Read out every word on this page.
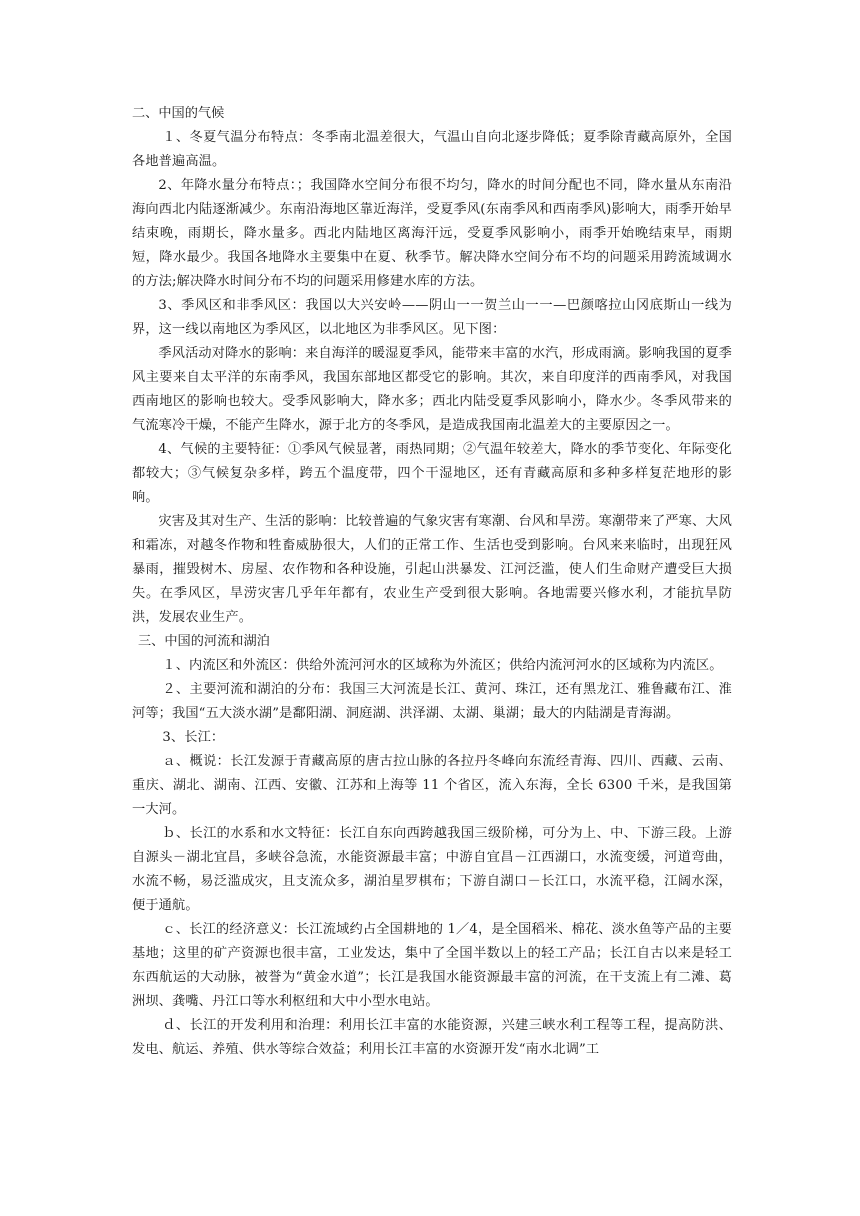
二、中国的气候

１、冬夏气温分布特点：冬季南北温差很大，气温山自向北逐步降低；夏季除青藏高原外，全国各地普遍高温。

2、年降水量分布特点：；我国降水空间分布很不均匀，降水的时间分配也不同，降水量从东南沿海向西北内陆逐渐减少。东南沿海地区靠近海洋，受夏季风(东南季风和西南季风)影响大，雨季开始早结束晚，雨期长，降水量多。西北内陆地区离海汗远，受夏季风影响小，雨季开始晚结束早，雨期短，降水最少。我国各地降水主要集中在夏、秋季节。解决降水空间分布不均的问题采用跨流域调水的方法;解决降水时间分布不均的问题采用修建水库的方法。

3、季风区和非季风区：我国以大兴安岭——阴山一一贺兰山一一—巴颜喀拉山冈底斯山一线为界，这一线以南地区为季风区，以北地区为非季风区。见下图：

季风活动对降水的影响：来自海洋的暖湿夏季风，能带来丰富的水汽，形成雨滴。影响我国的夏季风主要来自太平洋的东南季风，我国东部地区都受它的影响。其次，来自印度洋的西南季风，对我国西南地区的影响也较大。受季风影响大，降水多；西北内陆受夏季风影响小，降水少。冬季风带来的气流寒冷干燥，不能产生降水，源于北方的冬季风，是造成我国南北温差大的主要原因之一。

4、气候的主要特征：①季风气候显著，雨热同期；②气温年较差大，降水的季节变化、年际变化都较大；③气候复杂多样，跨五个温度带，四个干湿地区，还有青藏高原和多种多样复茫地形的影响。

灾害及其对生产、生活的影响：比较普遍的气象灾害有寒潮、台风和旱涝。寒潮带来了严寒、大风和霜冻，对越冬作物和牲畜威胁很大，人们的正常工作、生活也受到影响。台风来来临时，出现狂风暴雨，摧毁树木、房屋、农作物和各种设施，引起山洪暴发、江河泛滥，使人们生命财产遭受巨大损失。在季风区，旱涝灾害几乎年年都有，农业生产受到很大影响。各地需要兴修水利，才能抗旱防洪，发展农业生产。

三、中国的河流和湖泊

１、内流区和外流区：供给外流河河水的区域称为外流区；供给内流河河水的区域称为内流区。

２、主要河流和湖泊的分布：我国三大河流是长江、黄河、珠江，还有黑龙江、雅鲁藏布江、淮河等；我国“五大淡水湖”是鄱阳湖、洞庭湖、洪泽湖、太湖、巢湖；最大的内陆湖是青海湖。

3、长江：

ａ、概说：长江发源于青藏高原的唐古拉山脉的各拉丹冬峰向东流经青海、四川、西藏、云南、重庆、湖北、湖南、江西、安徽、江苏和上海等 11 个省区，流入东海，全长 6300 千米，是我国第一大河。

ｂ、长江的水系和水文特征：长江自东向西跨越我国三级阶梯，可分为上、中、下游三段。上游自源头－湖北宜昌，多峡谷急流，水能资源最丰富；中游自宜昌－江西湖口，水流变缓，河道弯曲，水流不畅，易泛滥成灾，且支流众多，湖泊星罗棋布；下游自湖口－长江口，水流平稳，江阔水深，便于通航。

ｃ、长江的经济意义：长江流域约占全国耕地的 1／4，是全国稻米、棉花、淡水鱼等产品的主要基地；这里的矿产资源也很丰富，工业发达，集中了全国半数以上的轻工产品；长江自古以来是轻工东西航运的大动脉，被誉为“黄金水道”；长江是我国水能资源最丰富的河流，在干支流上有二滩、葛洲坝、龚嘴、丹江口等水利枢纽和大中小型水电站。

ｄ、长江的开发利用和治理：利用长江丰富的水能资源，兴建三峡水利工程等工程，提高防洪、发电、航运、养殖、供水等综合效益；利用长江丰富的水资源开发“南水北调”工
